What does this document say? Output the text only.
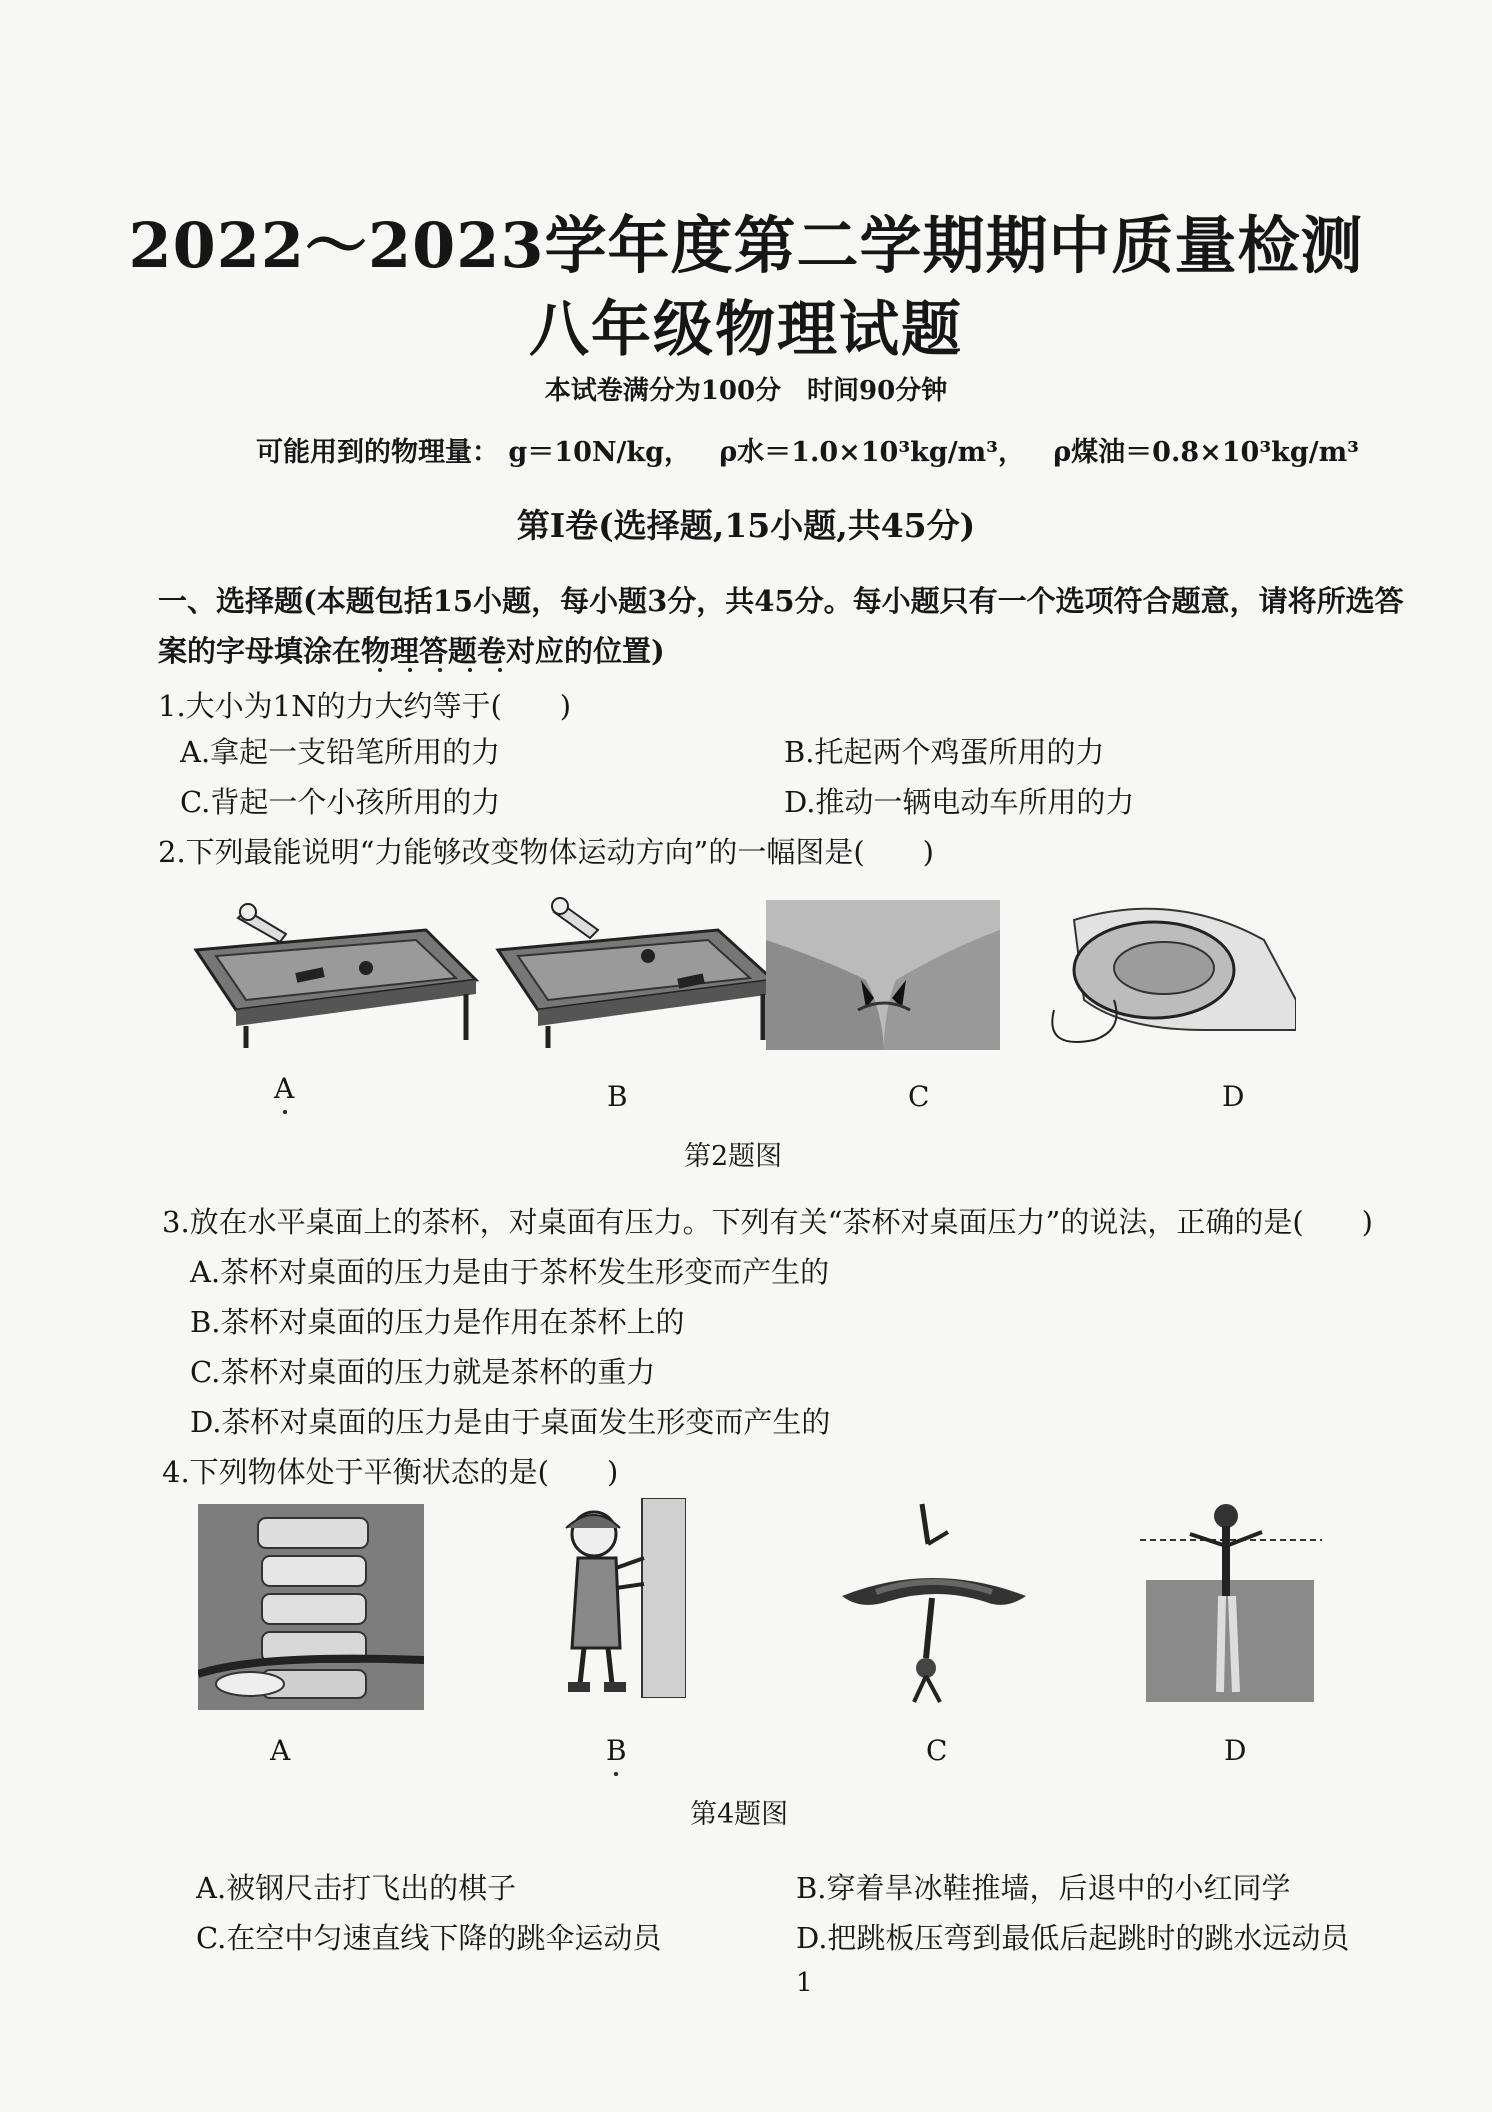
2022～2023学年度第二学期期中质量检测
八年级物理试题
本试卷满分为100分　时间90分钟
可能用到的物理量： g＝10N/kg， ρ水＝1.0×10³kg/m³， ρ煤油＝0.8×10³kg/m³
第Ⅰ卷(选择题,15小题,共45分)
一、选择题(本题包括15小题，每小题3分，共45分。每小题只有一个选项符合题意，请将所选答案的字母填涂在物理答题卷对应的位置)
1.大小为1N的力大约等于(　　)
A.拿起一支铅笔所用的力	B.托起两个鸡蛋所用的力
C.背起一个小孩所用的力	D.推动一辆电动车所用的力
2.下列最能说明“力能够改变物体运动方向”的一幅图是(　　)
A	B	C	D
第2题图
3.放在水平桌面上的茶杯，对桌面有压力。下列有关“茶杯对桌面压力”的说法，正确的是(　　)
A.茶杯对桌面的压力是由于茶杯发生形变而产生的
B.茶杯对桌面的压力是作用在茶杯上的
C.茶杯对桌面的压力就是茶杯的重力
D.茶杯对桌面的压力是由于桌面发生形变而产生的
4.下列物体处于平衡状态的是(　　)
A	B	C	D
第4题图
A.被钢尺击打飞出的棋子	B.穿着旱冰鞋推墙，后退中的小红同学
C.在空中匀速直线下降的跳伞运动员	D.把跳板压弯到最低后起跳时的跳水远动员
1
